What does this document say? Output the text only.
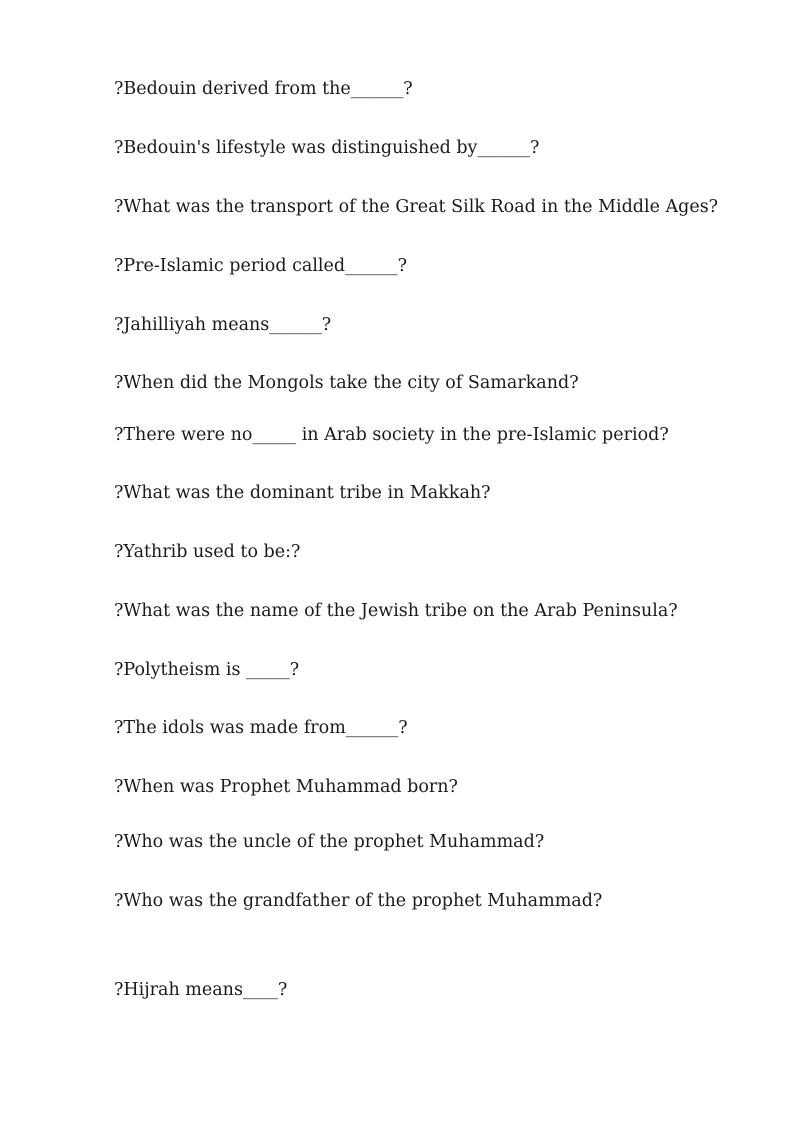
?Bedouin derived from the______?

?Bedouin's lifestyle was distinguished by______?

?What was the transport of the Great Silk Road in the Middle Ages?

?Pre-Islamic period called______?

?Jahilliyah means______?

?When did the Mongols take the city of Samarkand?

?There were no_____ in Arab society in the pre-Islamic period?

?What was the dominant tribe in Makkah?

?Yathrib used to be:?

?What was the name of the Jewish tribe on the Arab Peninsula?

?Polytheism is _____?

?The idols was made from______?

?When was Prophet Muhammad born?

?Who was the uncle of the prophet Muhammad?

?Who was the grandfather of the prophet Muhammad?

?Hijrah means____?
